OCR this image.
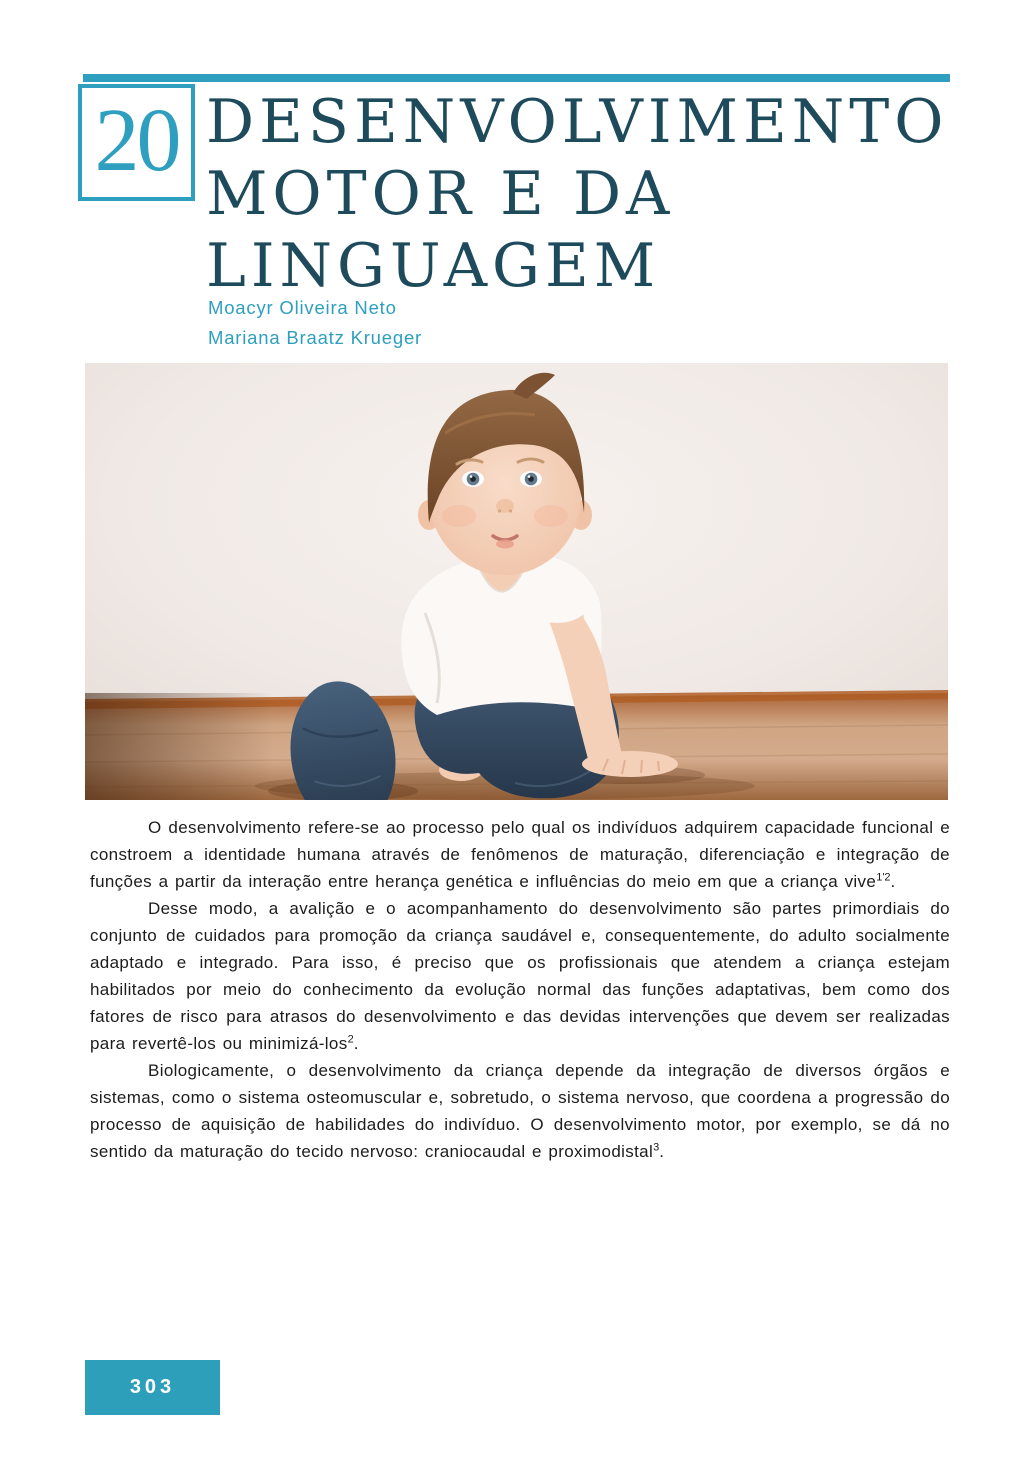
20 DESENVOLVIMENTO
MOTOR E DA
LINGUAGEM
Moacyr Oliveira Neto
Mariana Braatz Krueger

O desenvolvimento refere-se ao processo pelo qual os indivíduos adquirem capacidade funcional e constroem a identidade humana através de fenômenos de maturação, diferenciação e integração de funções a partir da interação entre herança genética e influências do meio em que a criança vive$^{1'2}$.

Desse modo, a avalição e o acompanhamento do desenvolvimento são partes primordiais do conjunto de cuidados para promoção da criança saudável e, consequentemente, do adulto socialmente adaptado e integrado. Para isso, é preciso que os profissionais que atendem a criança estejam habilitados por meio do conhecimento da evolução normal das funções adaptativas, bem como dos fatores de risco para atrasos do desenvolvimento e das devidas intervenções que devem ser realizadas para revertê-los ou minimizá-los$^2$.

Biologicamente, o desenvolvimento da criança depende da integração de diversos órgãos e sistemas, como o sistema osteomuscular e, sobretudo, o sistema nervoso, que coordena a progressão do processo de aquisição de habilidades do indivíduo. O desenvolvimento motor, por exemplo, se dá no sentido da maturação do tecido nervoso: craniocaudal e proximodistal$^3$.

303
